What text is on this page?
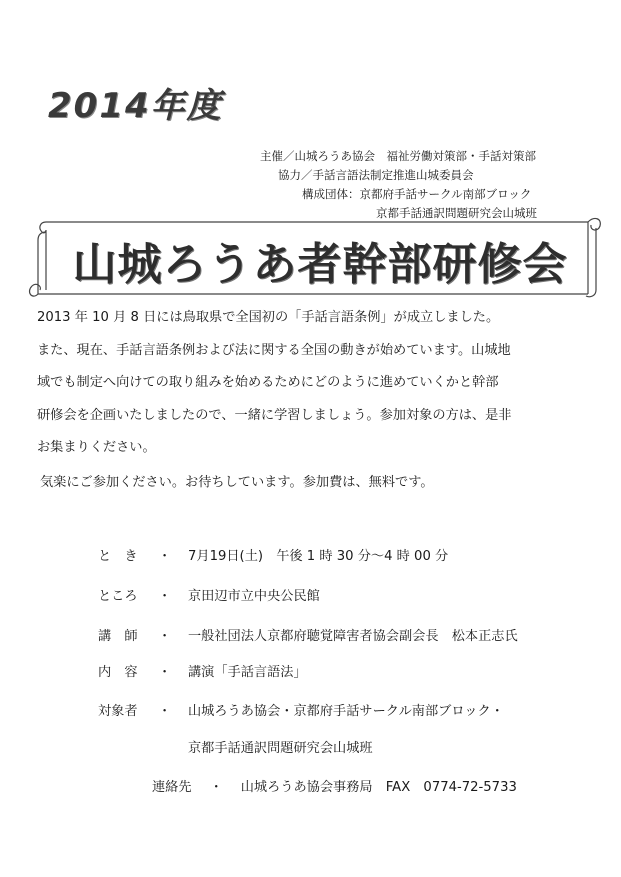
2014年度
主催／山城ろうあ協会　福祉労働対策部・手話対策部
協力／手話言語法制定推進山城委員会
構成団体：京都府手話サークル南部ブロック
京都手話通訳問題研究会山城班
山城ろうあ者幹部研修会

2013 年 10 月 8 日には鳥取県で全国初の「手話言語条例」が成立しました。

また、現在、手話言語条例および法に関する全国の動きが始めています。山城地

域でも制定へ向けての取り組みを始めるためにどのように進めていくかと幹部

研修会を企画いたしましたので、一緒に学習しましょう。参加対象の方は、是非

お集まりください。

気楽にご参加ください。お待ちしています。参加費は、無料です。

と　き	・ 7月19日(土)　午後 1 時 30 分〜4 時 00 分
ところ	・ 京田辺市立中央公民館
講　師	・ 一般社団法人京都府聴覚障害者協会副会長　松本正志氏
内　容	・ 講演「手話言語法」
対象者	・ 山城ろうあ協会・京都府手話サークル南部ブロック・
京都手話通訳問題研究会山城班
連絡先 ・ 山城ろうあ協会事務局　FAX　0774-72-5733
